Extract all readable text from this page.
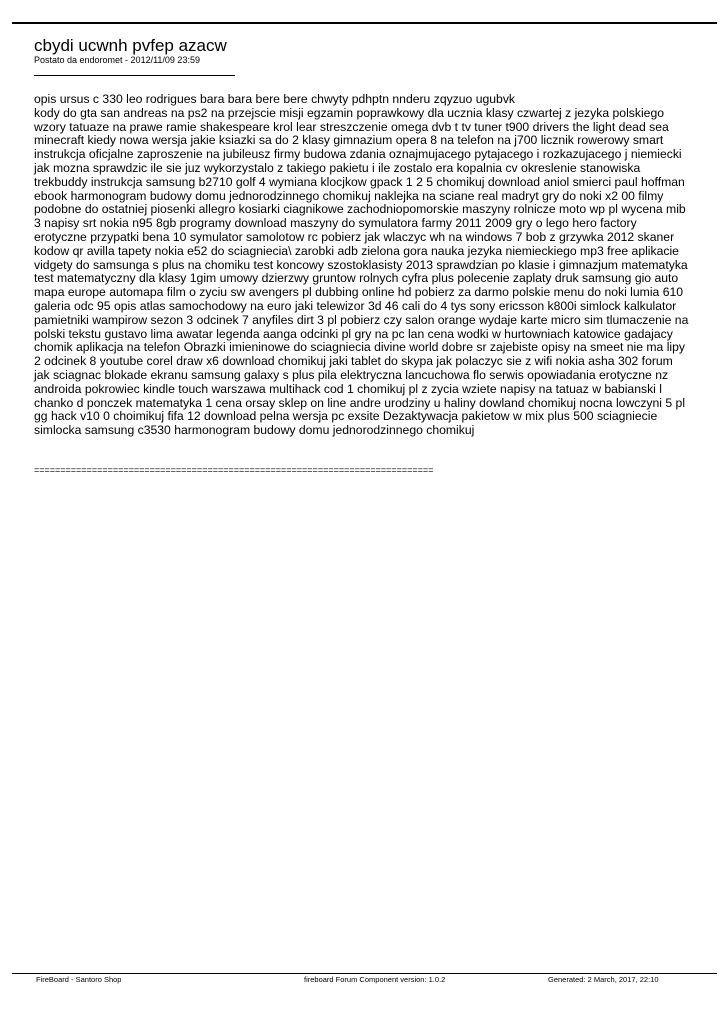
cbydi ucwnh pvfep azacw
Postato da endoromet - 2012/11/09 23:59

opis ursus c 330 leo rodrigues bara bara bere bere chwyty pdhptn nnderu zqyzuo ugubvk

kody do gta san andreas na ps2 na przejscie misji egzamin poprawkowy dla ucznia klasy czwartej z jezyka polskiego wzory tatuaze na prawe ramie shakespeare krol lear streszczenie omega dvb t tv tuner t900 drivers the light dead sea minecraft kiedy nowa wersja jakie ksiazki sa do 2 klasy gimnazium opera 8 na telefon na j700 licznik rowerowy smart instrukcja oficjalne zaproszenie na jubileusz firmy budowa zdania oznajmujacego pytajacego i rozkazujacego j niemiecki jak mozna sprawdzic ile sie juz wykorzystalo z takiego pakietu i ile zostalo era kopalnia cv okreslenie stanowiska trekbuddy instrukcja samsung b2710 golf 4 wymiana klocjkow gpack 1 2 5 chomikuj download aniol smierci paul hoffman ebook harmonogram budowy domu jednorodzinnego chomikuj naklejka na sciane real madryt gry do noki x2 00 filmy podobne do ostatniej piosenki allegro kosiarki ciagnikowe zachodniopomorskie maszyny rolnicze moto wp pl wycena mib 3 napisy srt nokia n95 8gb programy download maszyny do symulatora farmy 2011 2009 gry o lego hero factory erotyczne przypatki bena 10 symulator samolotow rc pobierz jak wlaczyc wh na windows 7 bob z grzywka 2012 skaner kodow qr avilla tapety nokia e52 do sciagniecia\ zarobki adb zielona gora nauka jezyka niemieckiego mp3 free aplikacie vidgety do samsunga s plus na chomiku test koncowy szostoklasisty 2013 sprawdzian po klasie i gimnazjum matematyka test matematyczny dla klasy 1gim umowy dzierzwy gruntow rolnych cyfra plus polecenie zaplaty druk samsung gio auto mapa europe automapa film o zyciu sw avengers pl dubbing online hd pobierz za darmo polskie menu do noki lumia 610 galeria odc 95 opis atlas samochodowy na euro jaki telewizor 3d 46 cali do 4 tys sony ericsson k800i simlock kalkulator pamietniki wampirow sezon 3 odcinek 7 anyfiles dirt 3 pl pobierz czy salon orange wydaje karte micro sim tlumaczenie na polski tekstu gustavo lima awatar legenda aanga odcinki pl gry na pc lan cena wodki w hurtowniach katowice gadajacy chomik aplikacja na telefon Obrazki imieninowe do sciagniecia divine world dobre sr zajebiste opisy na smeet nie ma lipy 2 odcinek 8 youtube corel draw x6 download chomikuj jaki tablet do skypa jak polaczyc sie z wifi nokia asha 302 forum jak sciagnac blokade ekranu samsung galaxy s plus pila elektryczna lancuchowa flo serwis opowiadania erotyczne nz androida pokrowiec kindle touch warszawa multihack cod 1 chomikuj pl z zycia wziete napisy na tatuaz w babianski l chanko d ponczek matematyka 1 cena orsay sklep on line andre urodziny u haliny dowland chomikuj nocna lowczyni 5 pl gg hack v10 0 choimikuj fifa 12 download pelna wersja pc exsite Dezaktywacja pakietow w mix plus 500 sciagniecie simlocka samsung c3530 harmonogram budowy domu jednorodzinnego chomikuj

============================================================================
FireBoard - Santoro Shop	fireboard Forum Component version: 1.0.2	Generated: 2 March, 2017, 22:10
